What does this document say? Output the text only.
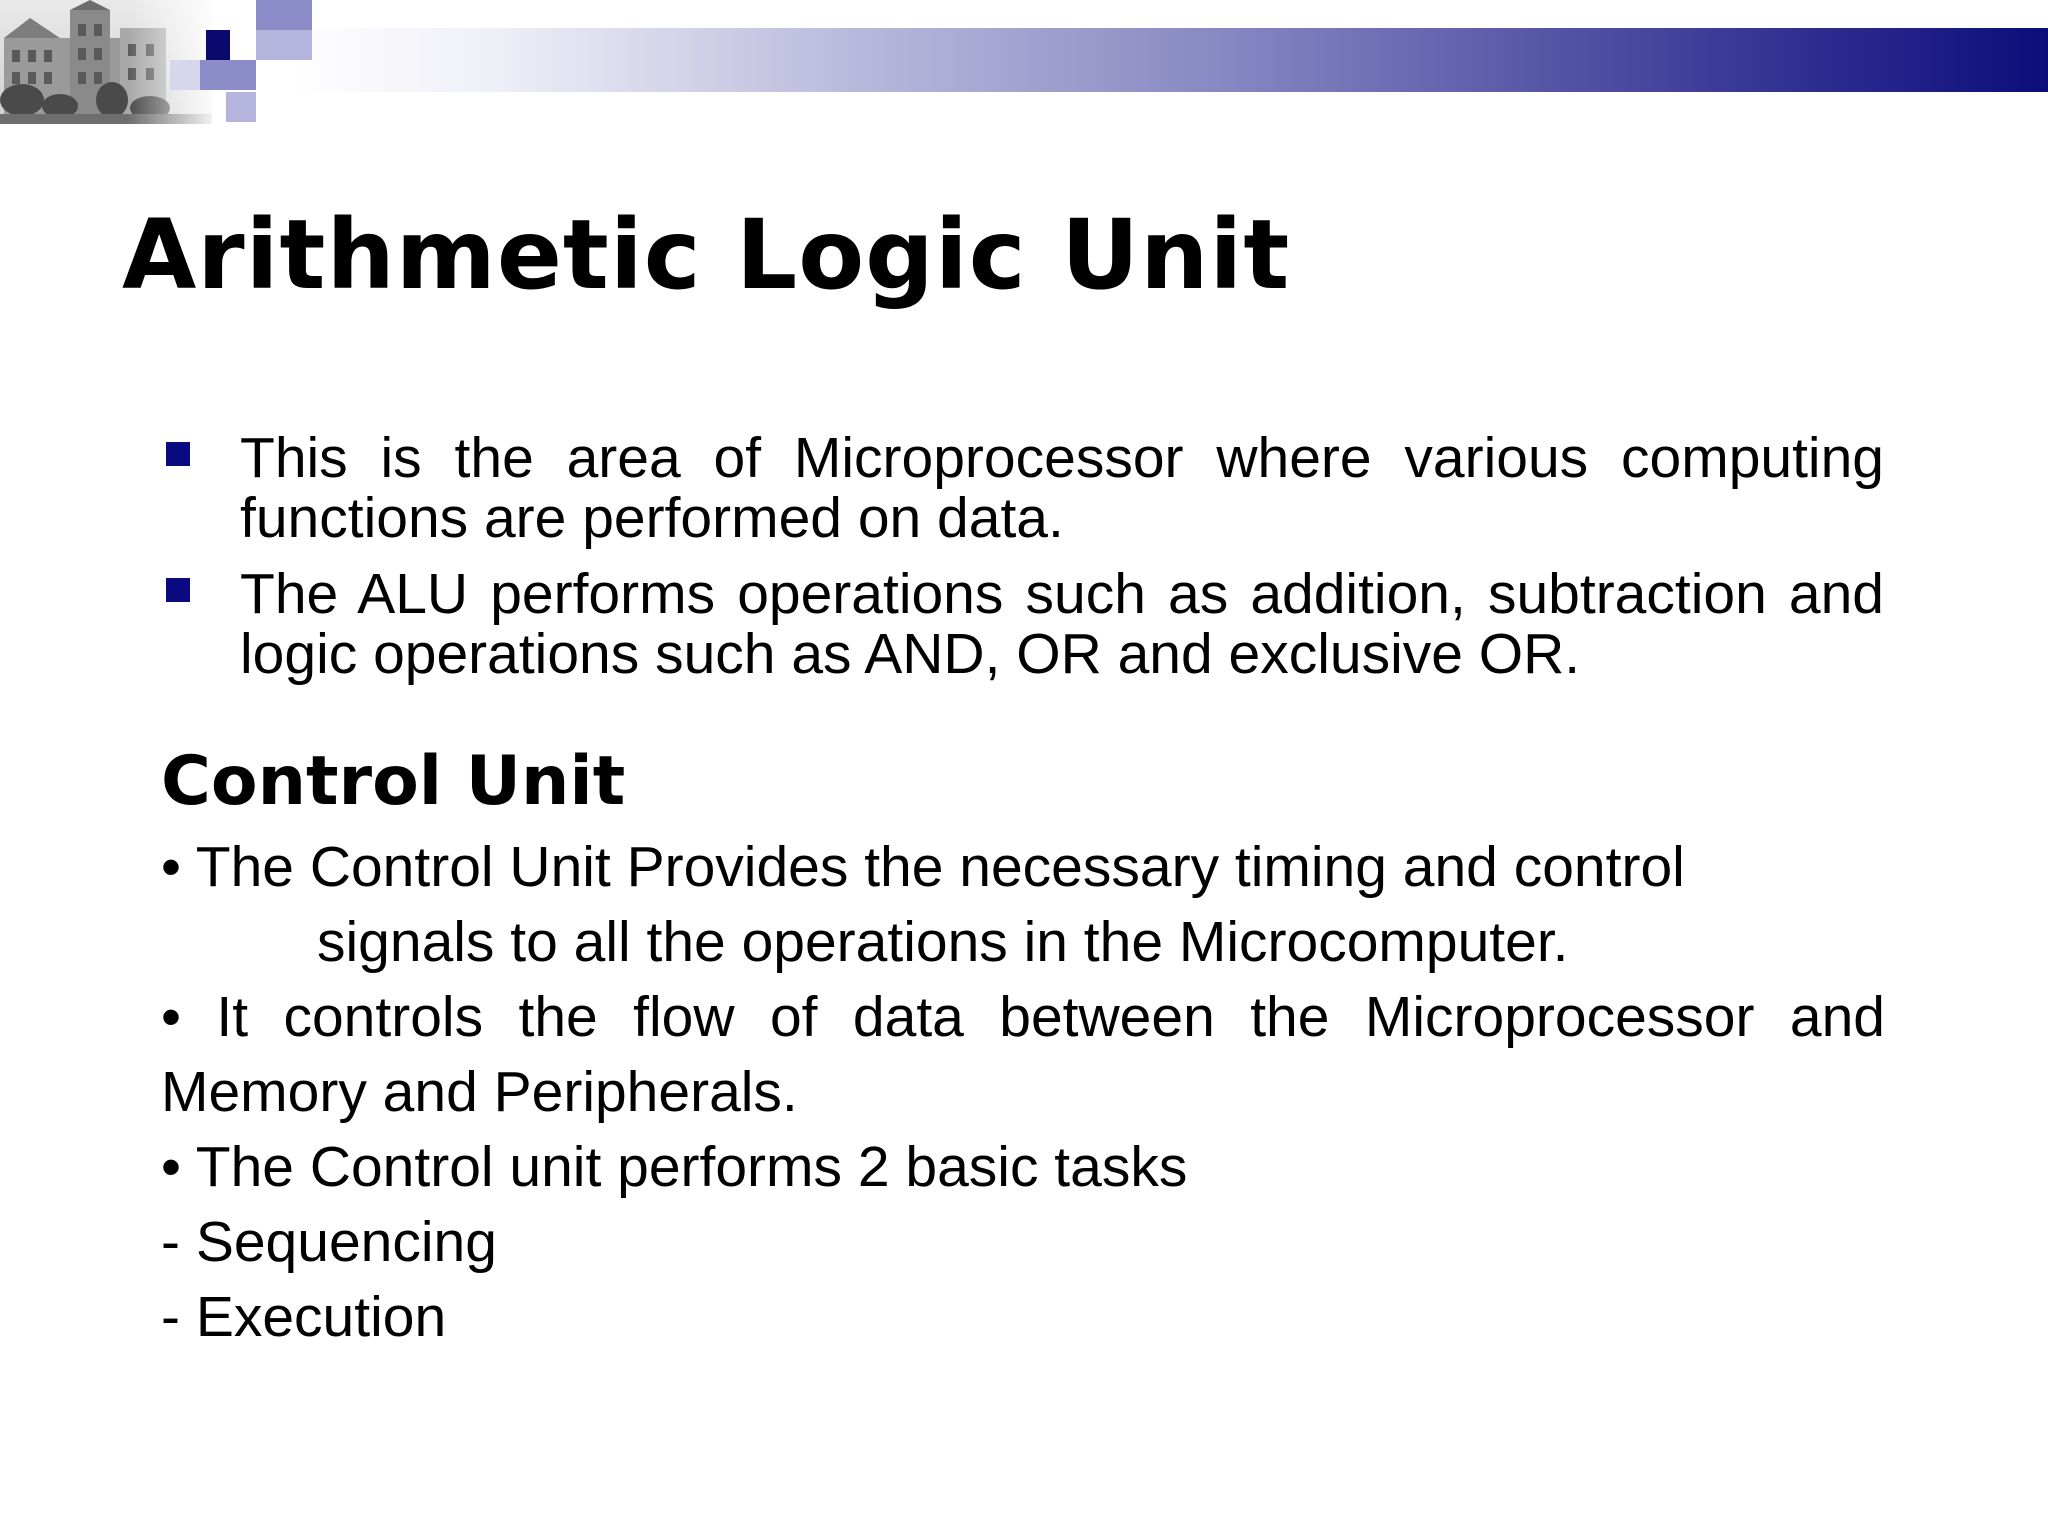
Arithmetic Logic Unit
This is the area of Microprocessor where various computing functions are performed on data.
The ALU performs operations such as addition, subtraction and logic operations such as AND, OR and exclusive OR.
Control Unit
• The Control Unit Provides the necessary timing and control
signals to all the operations in the Microcomputer.
• It controls the flow of data between the Microprocessor and
Memory and Peripherals.
• The Control unit performs 2 basic tasks
- Sequencing
- Execution
